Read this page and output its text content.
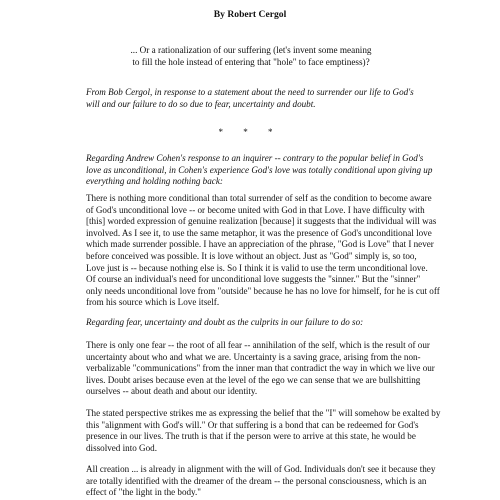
By Robert Cergol
... Or a rationalization of our suffering (let's invent some meaning
to fill the hole instead of entering that "hole" to face emptiness)?

From Bob Cergol, in response to a statement about the need to surrender our life to God's
will and our failure to do so due to fear, uncertainty and doubt.

* * *

Regarding Andrew Cohen's response to an inquirer -- contrary to the popular belief in God's
love as unconditional, in Cohen's experience God's love was totally conditional upon giving up
everything and holding nothing back:

There is nothing more conditional than total surrender of self as the condition to become aware
of God's unconditional love -- or become united with God in that Love. I have difficulty with
[this] worded expression of genuine realization [because] it suggests that the individual will was
involved. As I see it, to use the same metaphor, it was the presence of God's unconditional love
which made surrender possible. I have an appreciation of the phrase, "God is Love" that I never
before conceived was possible. It is love without an object. Just as "God" simply is, so too,
Love just is -- because nothing else is. So I think it is valid to use the term unconditional love.
Of course an individual's need for unconditional love suggests the "sinner." But the "sinner"
only needs unconditional love from "outside" because he has no love for himself, for he is cut off
from his source which is Love itself.

Regarding fear, uncertainty and doubt as the culprits in our failure to do so:

There is only one fear -- the root of all fear -- annihilation of the self, which is the result of our
uncertainty about who and what we are. Uncertainty is a saving grace, arising from the non-
verbalizable "communications" from the inner man that contradict the way in which we live our
lives. Doubt arises because even at the level of the ego we can sense that we are bullshitting
ourselves -- about death and about our identity.

The stated perspective strikes me as expressing the belief that the "I" will somehow be exalted by
this "alignment with God's will." Or that suffering is a bond that can be redeemed for God's
presence in our lives. The truth is that if the person were to arrive at this state, he would be
dissolved into God.

All creation ... is already in alignment with the will of God. Individuals don't see it because they
are totally identified with the dreamer of the dream -- the personal consciousness, which is an
effect of "the light in the body."
